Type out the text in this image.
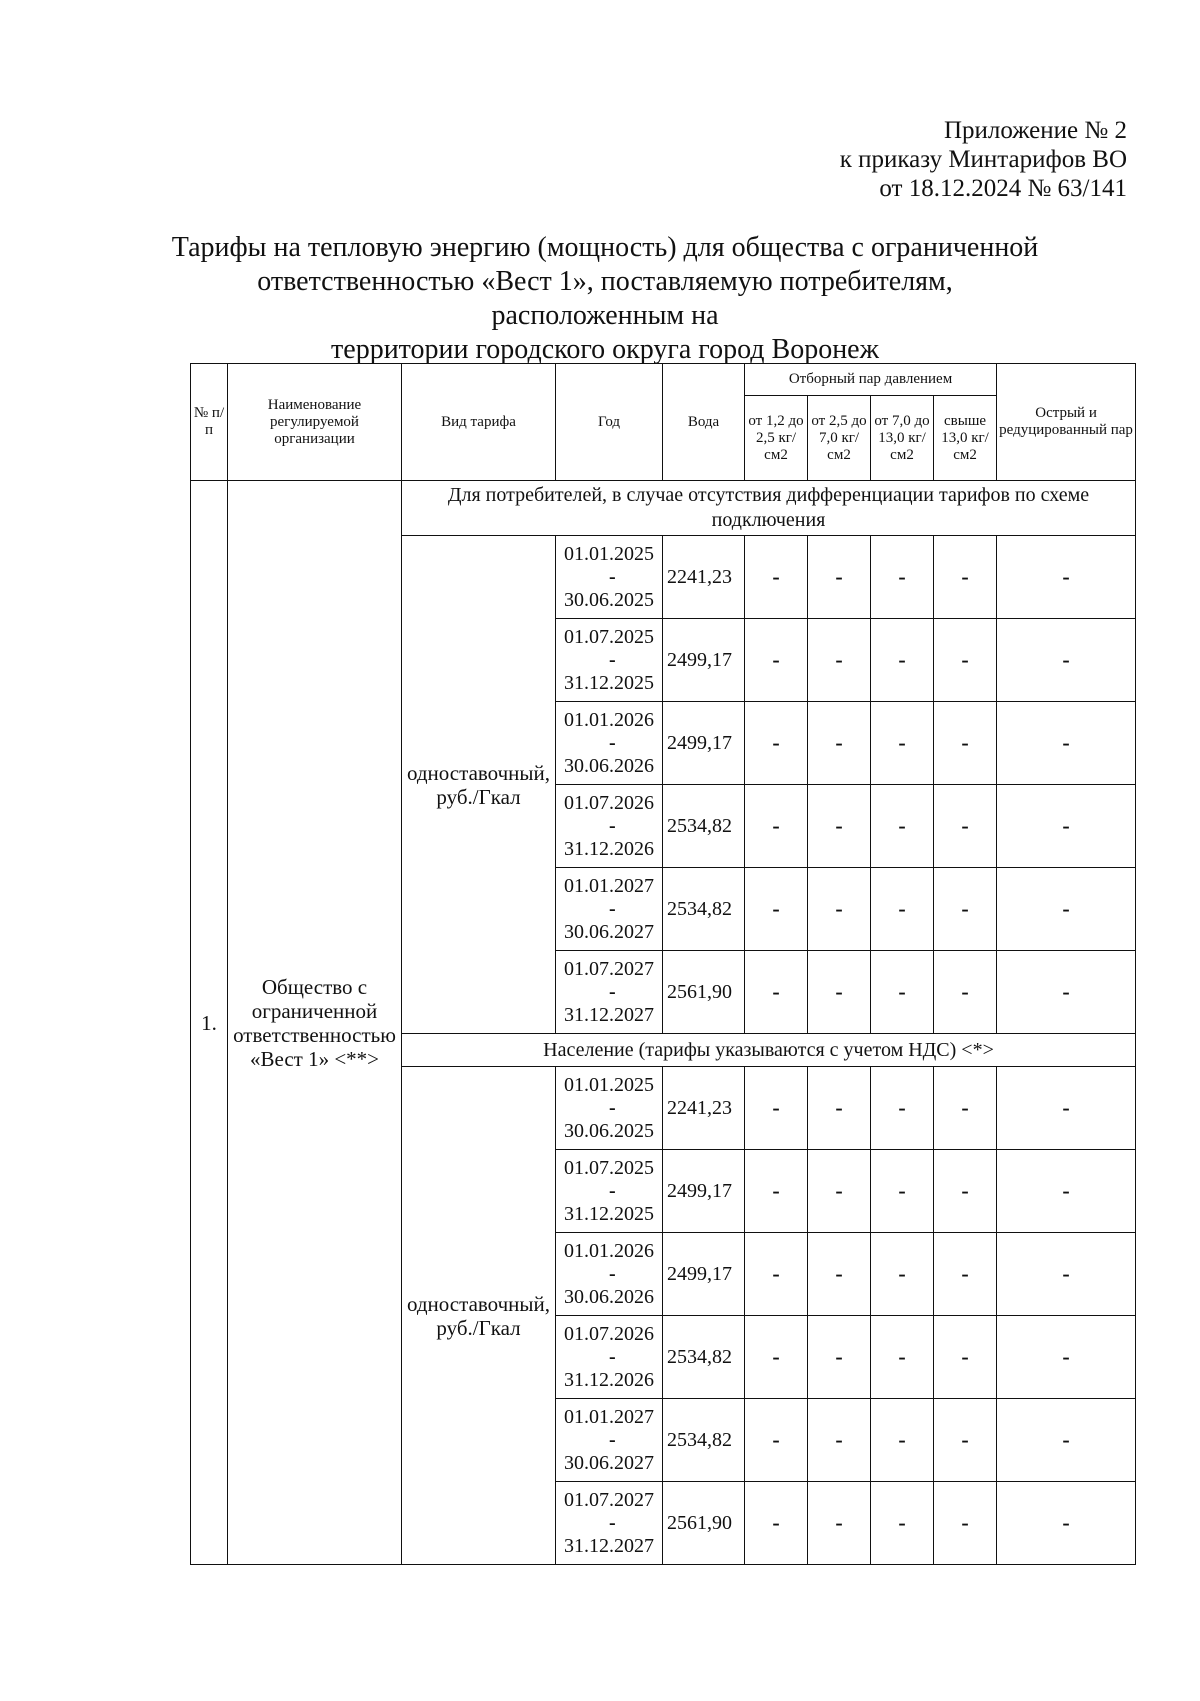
Приложение № 2
к приказу Минтарифов ВО
от 18.12.2024 № 63/141
Тарифы на тепловую энергию (мощность) для общества с ограниченной
ответственностью «Вест 1», поставляемую потребителям, расположенным на
территории городского округа город Воронеж
№ п/п	Наименование регулируемой организации	Вид тарифа	Год	Вода	Отборный пар давлением				Острый и редуцированный пар
					от 1,2 до 2,5 кг/см2	от 2,5 до 7,0 кг/см2	от 7,0 до 13,0 кг/см2	свыше 13,0 кг/см2	
1.	Общество с ограниченной ответственностью «Вест 1» <**>	Для потребителей, в случае отсутствия дифференциации тарифов по схеме подключения							
		одноставочный, руб./Гкал	01.01.2025

-
30.06.2025	2241,23	-	-	-	-	-
			01.07.2025

-
31.12.2025	2499,17	-	-	-	-	-
			01.01.2026

-
30.06.2026	2499,17	-	-	-	-	-
			01.07.2026

-
31.12.2026	2534,82	-	-	-	-	-
			01.01.2027

-
30.06.2027	2534,82	-	-	-	-	-
			01.07.2027

-
31.12.2027	2561,90	-	-	-	-	-
		Население (тарифы указываются с учетом НДС) <*>							
		одноставочный, руб./Гкал	01.01.2025

-
30.06.2025	2241,23	-	-	-	-	-
			01.07.2025

-
31.12.2025	2499,17	-	-	-	-	-
			01.01.2026

-
30.06.2026	2499,17	-	-	-	-	-
			01.07.2026

-
31.12.2026	2534,82	-	-	-	-	-
			01.01.2027

-
30.06.2027	2534,82	-	-	-	-	-
			01.07.2027

-
31.12.2027	2561,90	-	-	-	-	-
